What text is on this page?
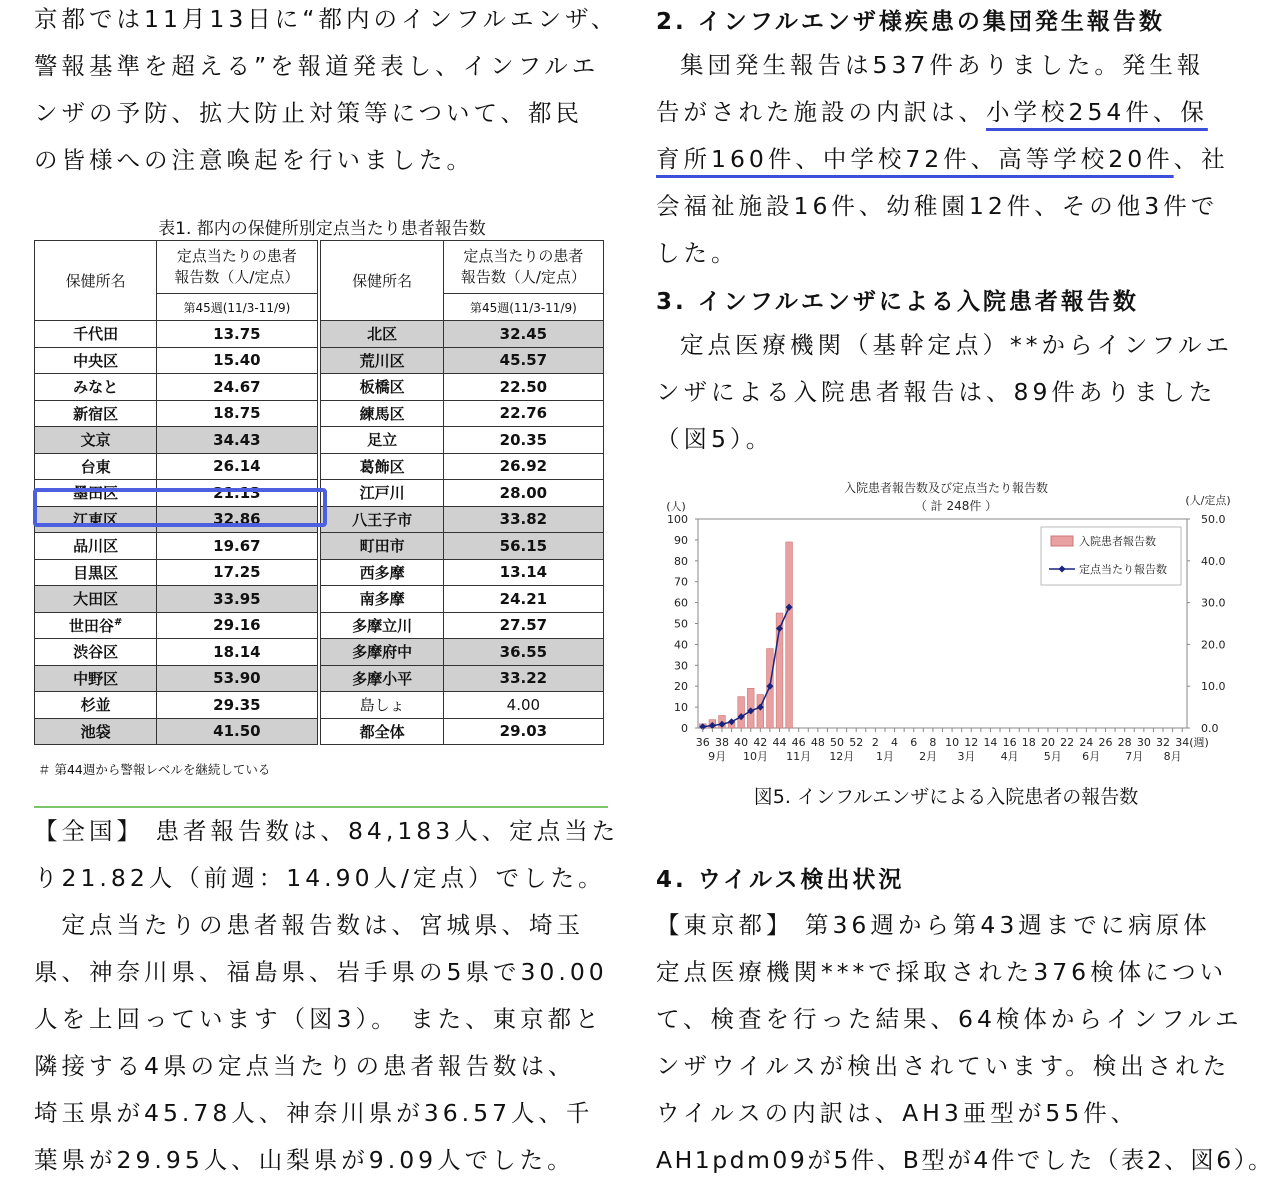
京都では11月13日に“都内のインフルエンザ、

警報基準を超える”を報道発表し、インフルエ

ンザの予防、拡大防止対策等について、都民

の皆様への注意喚起を行いました。

表1. 都内の保健所別定点当たり患者報告数

保健所名	定点当たりの患者
報告数（人/定点）		保健所名	定点当たりの患者
報告数（人/定点）
	第45週(11/3-11/9)			第45週(11/3-11/9)
千代田	13.75		北区	32.45
中央区	15.40		荒川区	45.57
みなと	24.67		板橋区	22.50
新宿区	18.75		練馬区	22.76
文京	34.43		足立	20.35
台東	26.14		葛飾区	26.92
墨田区	21.13		江戸川	28.00
江東区	32.86		八王子市	33.82
品川区	19.67		町田市	56.15
目黒区	17.25		西多摩	13.14
大田区	33.95		南多摩	24.21
世田谷#	29.16		多摩立川	27.57
渋谷区	18.14		多摩府中	36.55
中野区	53.90		多摩小平	33.22
杉並	29.35		島しょ	4.00
池袋	41.50		都全体	29.03
＃ 第44週から警報レベルを継続している

【全国】 患者報告数は、84,183人、定点当た

り21.82人（前週：14.90人/定点）でした。

　定点当たりの患者報告数は、宮城県、埼玉

県、神奈川県、福島県、岩手県の5県で30.00

人を上回っています（図3）。 また、東京都と

隣接する4県の定点当たりの患者報告数は、

埼玉県が45.78人、神奈川県が36.57人、千

葉県が29.95人、山梨県が9.09人でした。

2. インフルエンザ様疾患の集団発生報告数

集団発生報告は537件ありました。発生報

告がされた施設の内訳は、小学校254件、保

育所160件、中学校72件、高等学校20件、社

会福祉施設16件、幼稚園12件、その他3件で

した。

3. インフルエンザによる入院患者報告数

定点医療機関（基幹定点）**からインフルエ

ンザによる入院患者報告は、89件ありました

（図5）。

4. ウイルス検出状況

【東京都】 第36週から第43週までに病原体

定点医療機関***で採取された376検体につい

て、検査を行った結果、64検体からインフルエ

ンザウイルスが検出されています。検出された

ウイルスの内訳は、AH3亜型が55件、

AH1pdm09が5件、B型が4件でした（表2、図6）。

入院患者報告数及び定点当たり報告数
（ 計 248件 ）
(人)	(人/定点)
0
10
20
30
40
50
60
70
80
90
100
0.0
10.0
20.0
30.0
40.0
50.0
36 38 40 42 44 46 48 50 52 2 4 6 8 10 12 14 16 18 20 22 24 26 28 30 32 34 (週)
9月 10月 11月 12月 1月 2月 3月 4月 5月 6月 7月 8月
入院患者報告数
定点当たり報告数
図5. インフルエンザによる入院患者の報告数
